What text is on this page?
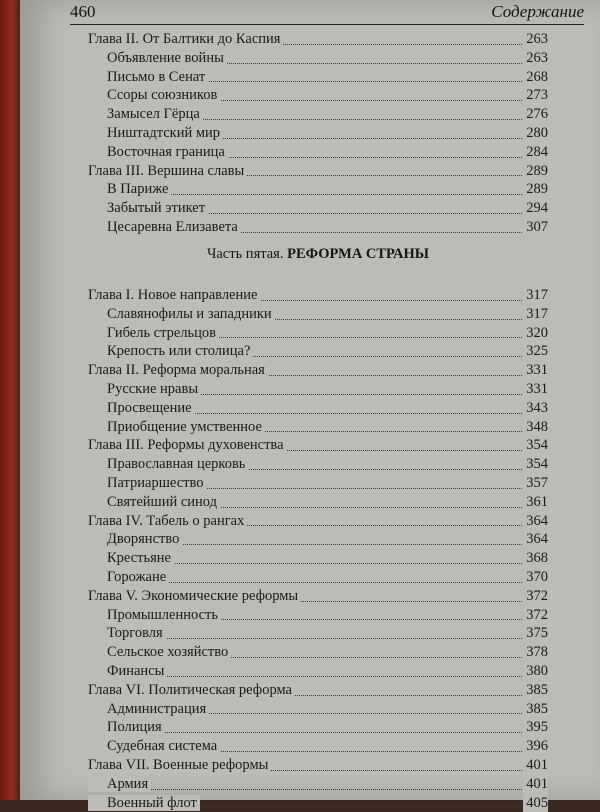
460	Содержание
Глава II. От Балтики до Каспия	263
Объявление войны	263
Письмо в Сенат	268
Ссоры союзников	273
Замысел Гёрца	276
Ништадтский мир	280
Восточная граница	284
Глава III. Вершина славы	289
В Париже	289
Забытый этикет	294
Цесаревна Елизавета	307
Часть пятая. РЕФОРМА СТРАНЫ
Глава I. Новое направление	317
Славянофилы и западники	317
Гибель стрельцов	320
Крепость или столица?	325
Глава II. Реформа моральная	331
Русские нравы	331
Просвещение	343
Приобщение умственное	348
Глава III. Реформы духовенства	354
Православная церковь	354
Патриаршество	357
Святейший синод	361
Глава IV. Табель о рангах	364
Дворянство	364
Крестьяне	368
Горожане	370
Глава V. Экономические реформы	372
Промышленность	372
Торговля	375
Сельское хозяйство	378
Финансы	380
Глава VI. Политическая реформа	385
Администрация	385
Полиция	395
Судебная система	396
Глава VII. Военные реформы	401
Армия	401
Военный флот	405
